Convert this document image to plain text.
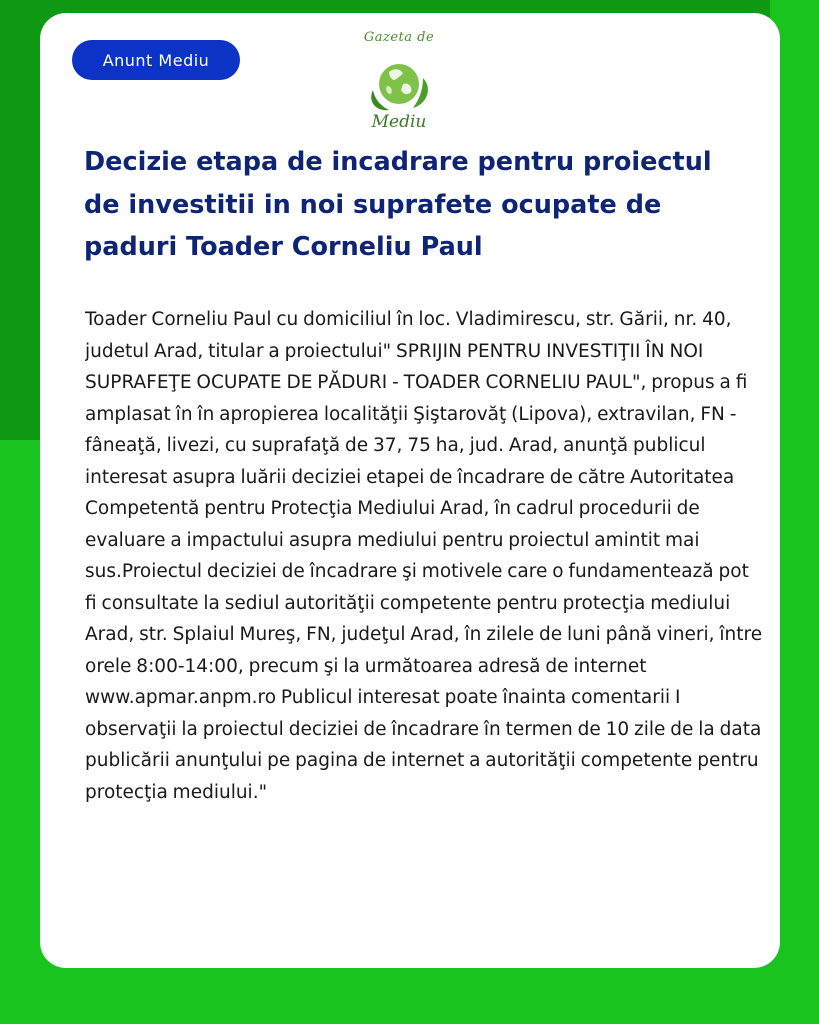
Anunt Mediu
Gazeta de
Mediu
Decizie etapa de incadrare pentru proiectul de investitii in noi suprafete ocupate de paduri Toader Corneliu Paul

Toader Corneliu Paul cu domiciliul în loc. Vladimirescu, str. Gării, nr. 40, judetul Arad, titular a proiectului" SPRIJIN PENTRU INVESTIŢII ÎN NOI SUPRAFEŢE OCUPATE DE PĂDURI - TOADER CORNELIU PAUL", propus a fi amplasat în în apropierea localităţii Şiştarovăţ (Lipova), extravilan, FN - fâneaţă, livezi, cu suprafaţă de 37, 75 ha, jud. Arad, anunţă publicul interesat asupra luării deciziei etapei de încadrare de către Autoritatea Competentă pentru Protecţia Mediului Arad, în cadrul procedurii de evaluare a impactului asupra mediului pentru proiectul amintit mai sus.Proiectul deciziei de încadrare şi motivele care o fundamentează pot fi consultate la sediul autorităţii competente pentru protecţia mediului Arad, str. Splaiul Mureş, FN, judeţul Arad, în zilele de luni până vineri, între orele 8:00-14:00, precum şi la următoarea adresă de internet www.apmar.anpm.ro Publicul interesat poate înainta comentarii I observaţii la proiectul deciziei de încadrare în termen de 10 zile de la data publicării anunţului pe pagina de internet a autorităţii competente pentru protecţia mediului."
